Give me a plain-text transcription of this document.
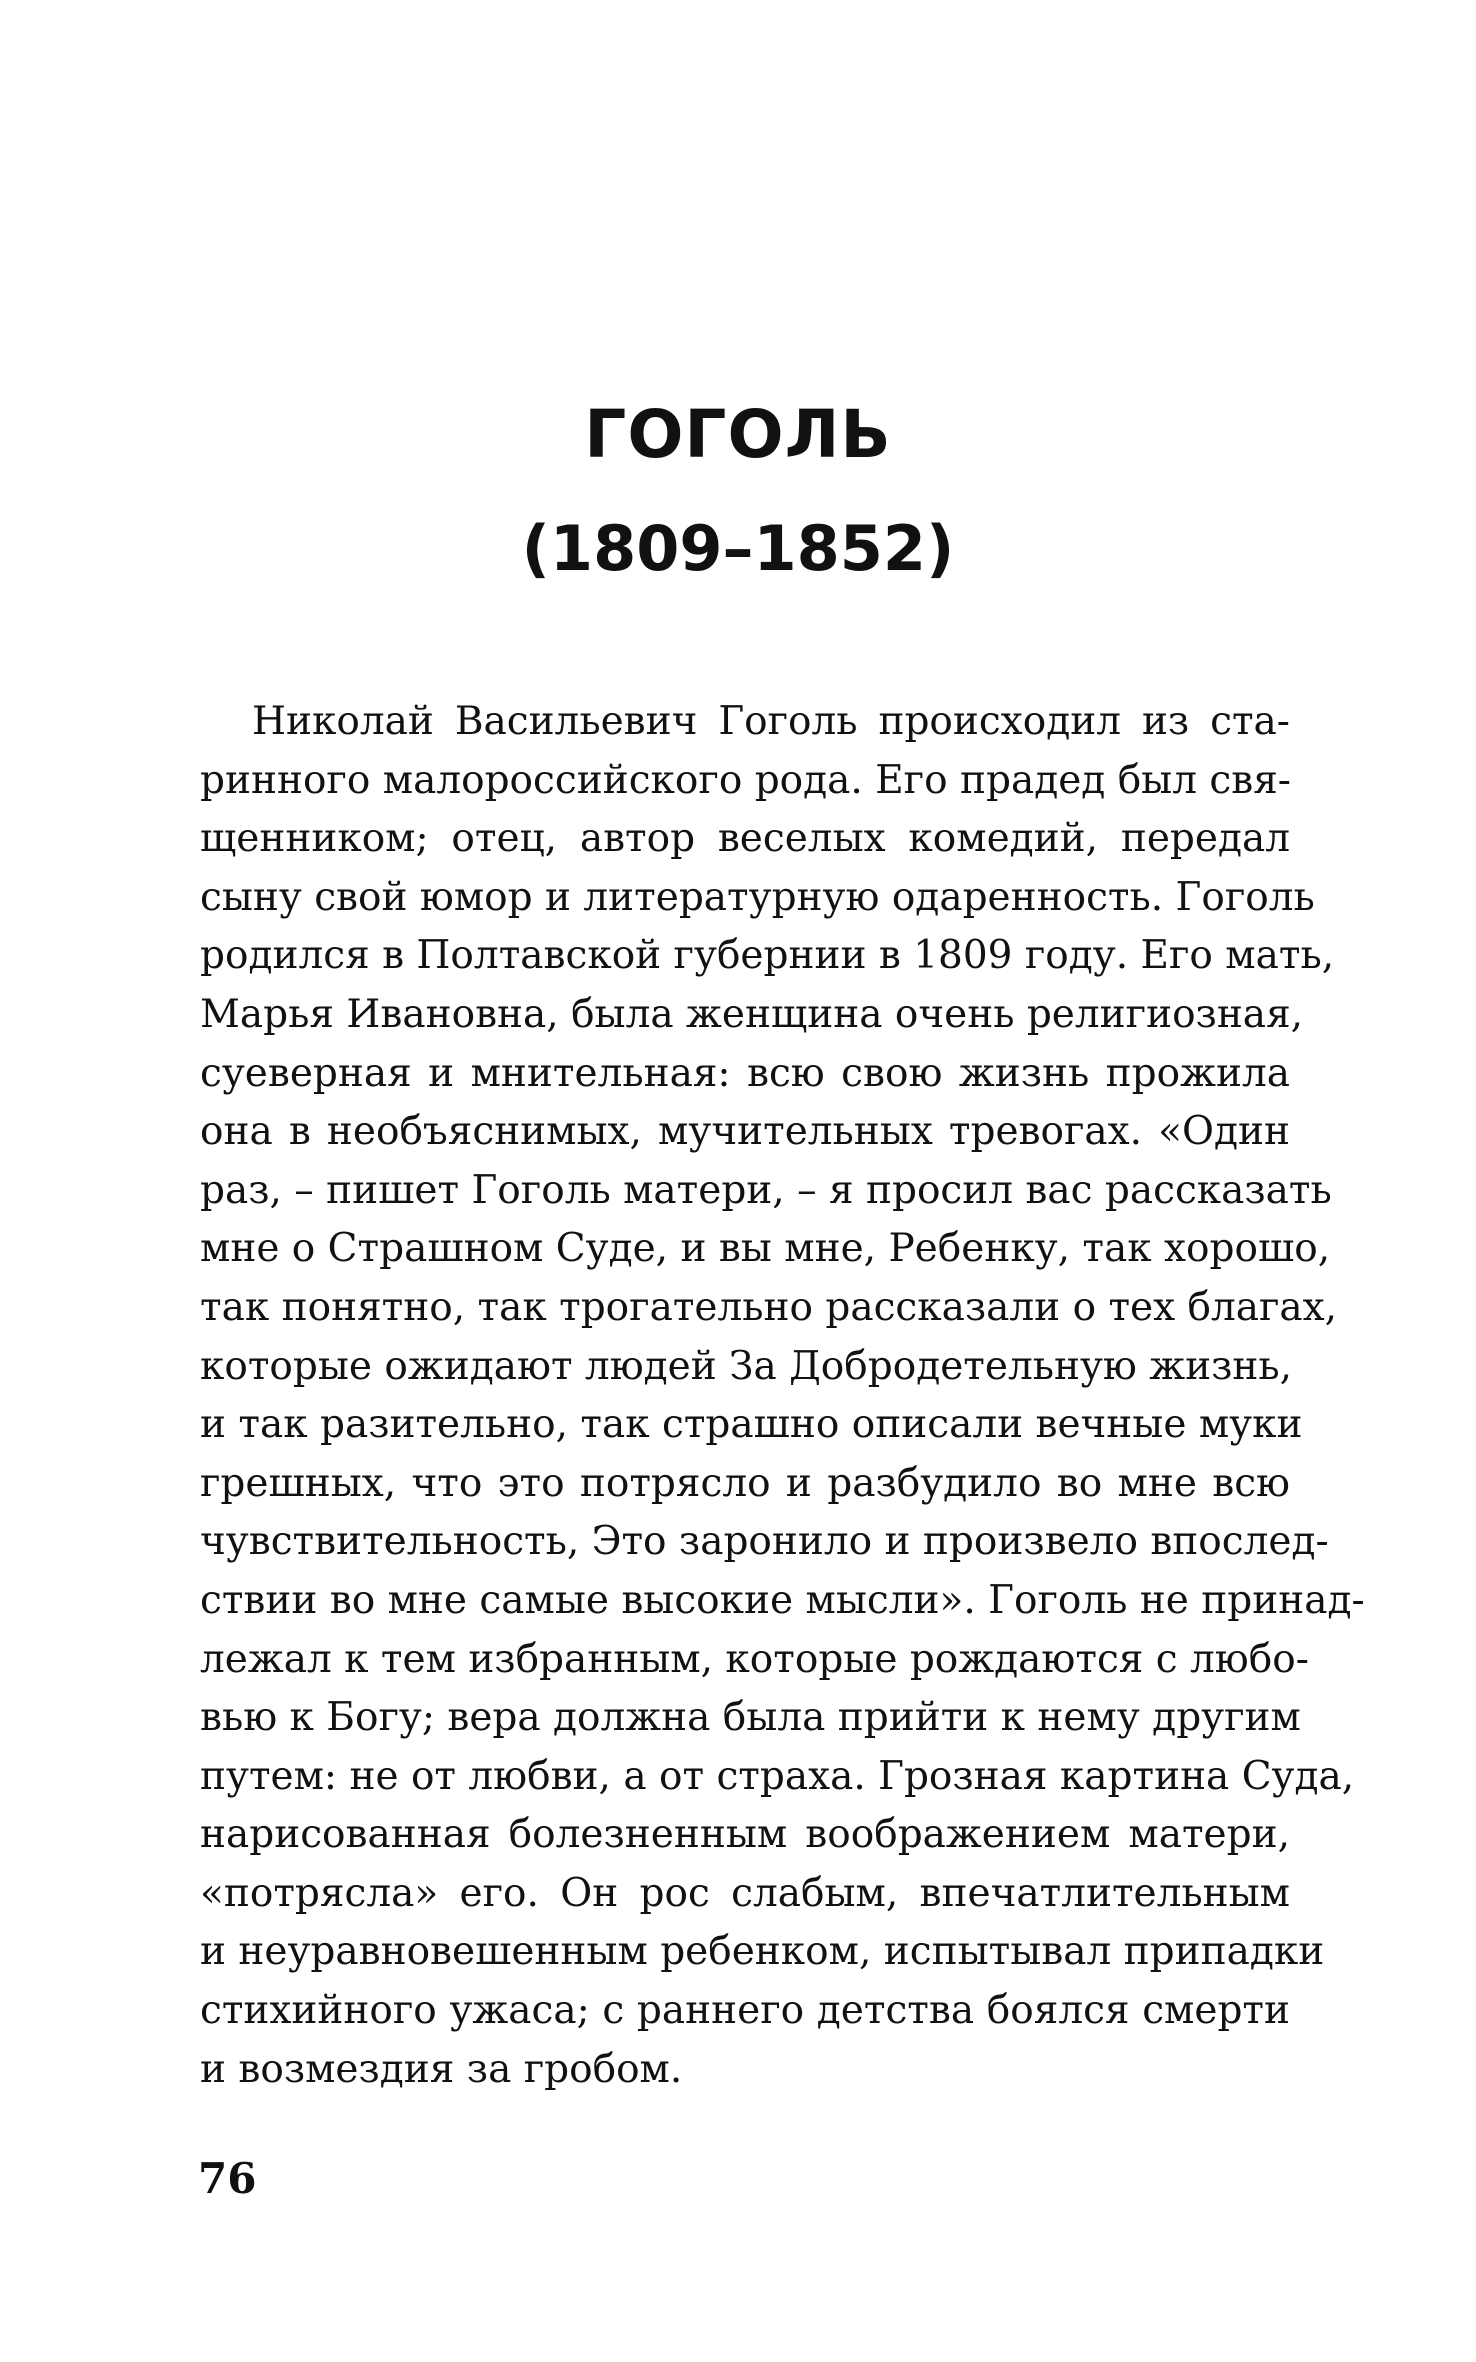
ГОГОЛЬ
(1809–1852)
Николай Васильевич Гоголь происходил из ста-
ринного малороссийского рода. Его прадед был свя-
щенником; отец, автор веселых комедий, передал
сыну свой юмор и литературную одаренность. Гоголь
родился в Полтавской губернии в 1809 году. Его мать,
Марья Ивановна, была женщина очень религиозная,
суеверная и мнительная: всю свою жизнь прожила
она в необъяснимых, мучительных тревогах. «Один
раз, – пишет Гоголь матери, – я просил вас рассказать
мне о Страшном Суде, и вы мне, Ребенку, так хорошо,
так понятно, так трогательно рассказали о тех благах,
которые ожидают людей За Добродетельную жизнь,
и так разительно, так страшно описали вечные муки
грешных, что это потрясло и разбудило во мне всю
чувствительность, Это заронило и произвело впослед-
ствии во мне самые высокие мысли». Гоголь не принад-
лежал к тем избранным, которые рождаются с любо-
вью к Богу; вера должна была прийти к нему другим
путем: не от любви, а от страха. Грозная картина Суда,
нарисованная болезненным воображением матери,
«потрясла» его. Он рос слабым, впечатлительным
и неуравновешенным ребенком, испытывал припадки
стихийного ужаса; с раннего детства боялся смерти
и возмездия за гробом.
76
